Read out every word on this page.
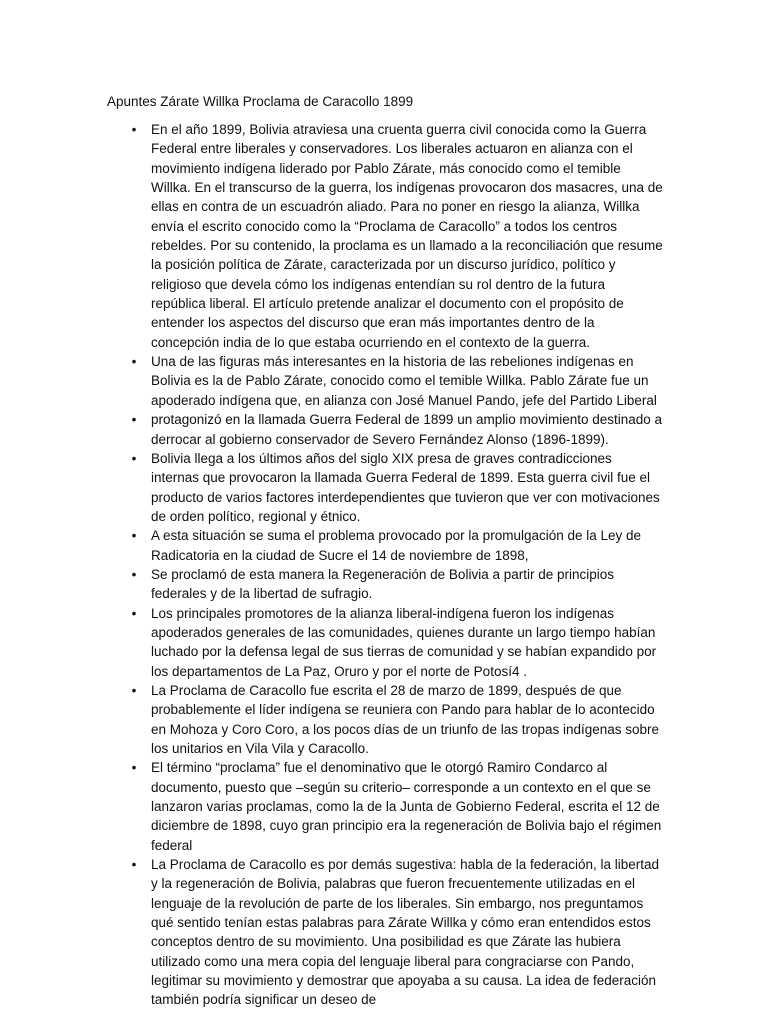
Apuntes Zárate Willka Proclama de Caracollo 1899

• En el año 1899, Bolivia atraviesa una cruenta guerra civil conocida como la Guerra Federal entre liberales y conservadores. Los liberales actuaron en alianza con el movimiento indígena liderado por Pablo Zárate, más conocido como el temible Willka. En el transcurso de la guerra, los indígenas provocaron dos masacres, una de ellas en contra de un escuadrón aliado. Para no poner en riesgo la alianza, Willka envía el escrito conocido como la “Proclama de Caracollo” a todos los centros rebeldes. Por su contenido, la proclama es un llamado a la reconciliación que resume la posición política de Zárate, caracterizada por un discurso jurídico, político y religioso que devela cómo los indígenas entendían su rol dentro de la futura república liberal. El artículo pretende analizar el documento con el propósito de entender los aspectos del discurso que eran más importantes dentro de la concepción india de lo que estaba ocurriendo en el contexto de la guerra.
• Una de las figuras más interesantes en la historia de las rebeliones indígenas en Bolivia es la de Pablo Zárate, conocido como el temible Willka. Pablo Zárate fue un apoderado indígena que, en alianza con José Manuel Pando, jefe del Partido Liberal
• protagonizó en la llamada Guerra Federal de 1899 un amplio movimiento destinado a derrocar al gobierno conservador de Severo Fernández Alonso (1896-1899).
• Bolivia llega a los últimos años del siglo XIX presa de graves contradicciones internas que provocaron la llamada Guerra Federal de 1899. Esta guerra civil fue el producto de varios factores interdependientes que tuvieron que ver con motivaciones de orden político, regional y étnico.
• A esta situación se suma el problema provocado por la promulgación de la Ley de Radicatoria en la ciudad de Sucre el 14 de noviembre de 1898,
• Se proclamó de esta manera la Regeneración de Bolivia a partir de principios federales y de la libertad de sufragio.
• Los principales promotores de la alianza liberal-indígena fueron los indígenas apoderados generales de las comunidades, quienes durante un largo tiempo habían luchado por la defensa legal de sus tierras de comunidad y se habían expandido por los departamentos de La Paz, Oruro y por el norte de Potosí4 .
• La Proclama de Caracollo fue escrita el 28 de marzo de 1899, después de que probablemente el líder indígena se reuniera con Pando para hablar de lo acontecido en Mohoza y Coro Coro, a los pocos días de un triunfo de las tropas indígenas sobre los unitarios en Vila Vila y Caracollo.
• El término “proclama” fue el denominativo que le otorgó Ramiro Condarco al documento, puesto que –según su criterio– corresponde a un contexto en el que se lanzaron varias proclamas, como la de la Junta de Gobierno Federal, escrita el 12 de diciembre de 1898, cuyo gran principio era la regeneración de Bolivia bajo el régimen federal
• La Proclama de Caracollo es por demás sugestiva: habla de la federación, la libertad y la regeneración de Bolivia, palabras que fueron frecuentemente utilizadas en el lenguaje de la revolución de parte de los liberales. Sin embargo, nos preguntamos qué sentido tenían estas palabras para Zárate Willka y cómo eran entendidos estos conceptos dentro de su movimiento. Una posibilidad es que Zárate las hubiera utilizado como una mera copia del lenguaje liberal para congraciarse con Pando, legitimar su movimiento y demostrar que apoyaba a su causa. La idea de federación también podría significar un deseo de
